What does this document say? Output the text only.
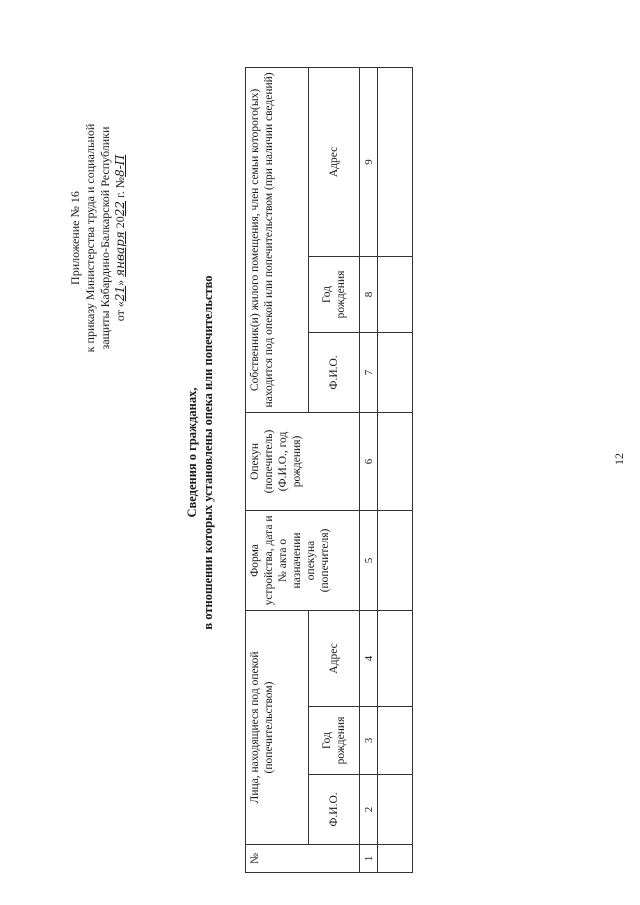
Приложение № 16 к приказу Министерства труда и социальной защиты Кабардино-Балкарской Республики от «21» января 2022 г. №8-П
Сведения о гражданах, в отношении которых установлены опека или попечительство
№	Лица, находящиеся под опекой (попечительством)			Форма устройства, дата и № акта о назначении опекуна (попечителя)	Опекун (попечитель) (Ф.И.О., год рождения)	Собственник(и) жилого помещения, член семьи которого(ых) находится под опекой или попечительством (при наличии сведений)		
	Ф.И.О.	Год рождения	Адрес			Ф.И.О.	Год рождения	Адрес
1	2	3	4	5	6	7	8	9

12
